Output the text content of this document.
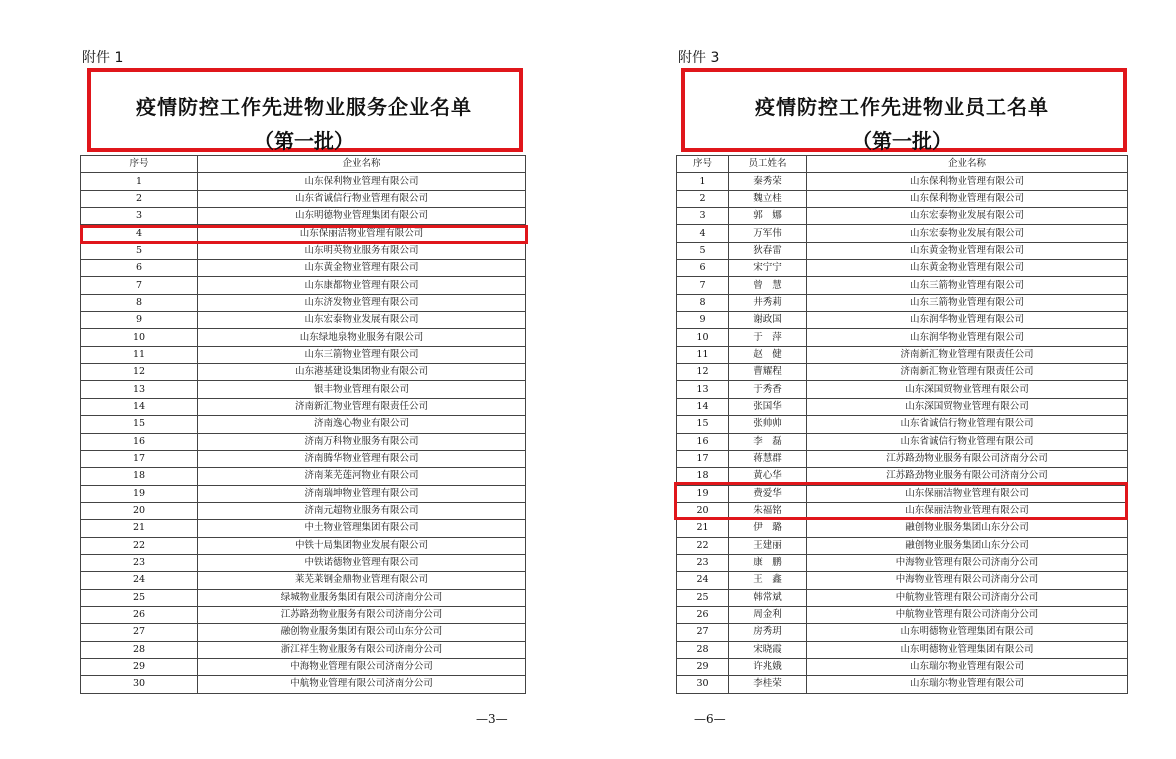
附件 1
疫情防控工作先进物业服务企业名单
（第一批）
序号	企业名称
1	山东保利物业管理有限公司
2	山东省诚信行物业管理有限公司
3	山东明德物业管理集团有限公司
4	山东保丽洁物业管理有限公司
5	山东明英物业服务有限公司
6	山东黄金物业管理有限公司
7	山东康都物业管理有限公司
8	山东济发物业管理有限公司
9	山东宏泰物业发展有限公司
10	山东绿地泉物业服务有限公司
11	山东三箭物业管理有限公司
12	山东港基建设集团物业有限公司
13	银丰物业管理有限公司
14	济南新汇物业管理有限责任公司
15	济南逸心物业有限公司
16	济南万科物业服务有限公司
17	济南腾华物业管理有限公司
18	济南莱芜莲河物业有限公司
19	济南瑞坤物业管理有限公司
20	济南元超物业服务有限公司
21	中土物业管理集团有限公司
22	中铁十局集团物业发展有限公司
23	中铁诺德物业管理有限公司
24	莱芜莱钢金鼎物业管理有限公司
25	绿城物业服务集团有限公司济南分公司
26	江苏路劲物业服务有限公司济南分公司
27	融创物业服务集团有限公司山东分公司
28	浙江祥生物业服务有限公司济南分公司
29	中海物业管理有限公司济南分公司
30	中航物业管理有限公司济南分公司
—3—
附件 3
疫情防控工作先进物业员工名单
（第一批）
序号	员工姓名	企业名称
1	秦秀荣	山东保利物业管理有限公司
2	魏立桂	山东保利物业管理有限公司
3	郭　娜	山东宏泰物业发展有限公司
4	万军伟	山东宏泰物业发展有限公司
5	狄春雷	山东黄金物业管理有限公司
6	宋宁宁	山东黄金物业管理有限公司
7	曾　慧	山东三箭物业管理有限公司
8	井秀莉	山东三箭物业管理有限公司
9	谢政国	山东润华物业管理有限公司
10	于　萍	山东润华物业管理有限公司
11	赵　健	济南新汇物业管理有限责任公司
12	曹耀程	济南新汇物业管理有限责任公司
13	于秀香	山东深国贸物业管理有限公司
14	张国华	山东深国贸物业管理有限公司
15	张帅帅	山东省诚信行物业管理有限公司
16	李　磊	山东省诚信行物业管理有限公司
17	蒋慧群	江苏路劲物业服务有限公司济南分公司
18	黄心华	江苏路劲物业服务有限公司济南分公司
19	费爱华	山东保丽洁物业管理有限公司
20	朱福铭	山东保丽洁物业管理有限公司
21	伊　璐	融创物业服务集团山东分公司
22	王建丽	融创物业服务集团山东分公司
23	康　鹏	中海物业管理有限公司济南分公司
24	王　鑫	中海物业管理有限公司济南分公司
25	韩常斌	中航物业管理有限公司济南分公司
26	周金利	中航物业管理有限公司济南分公司
27	房秀玥	山东明德物业管理集团有限公司
28	宋晓霞	山东明德物业管理集团有限公司
29	许兆娥	山东瑞尔物业管理有限公司
30	李桂荣	山东瑞尔物业管理有限公司
—6—
